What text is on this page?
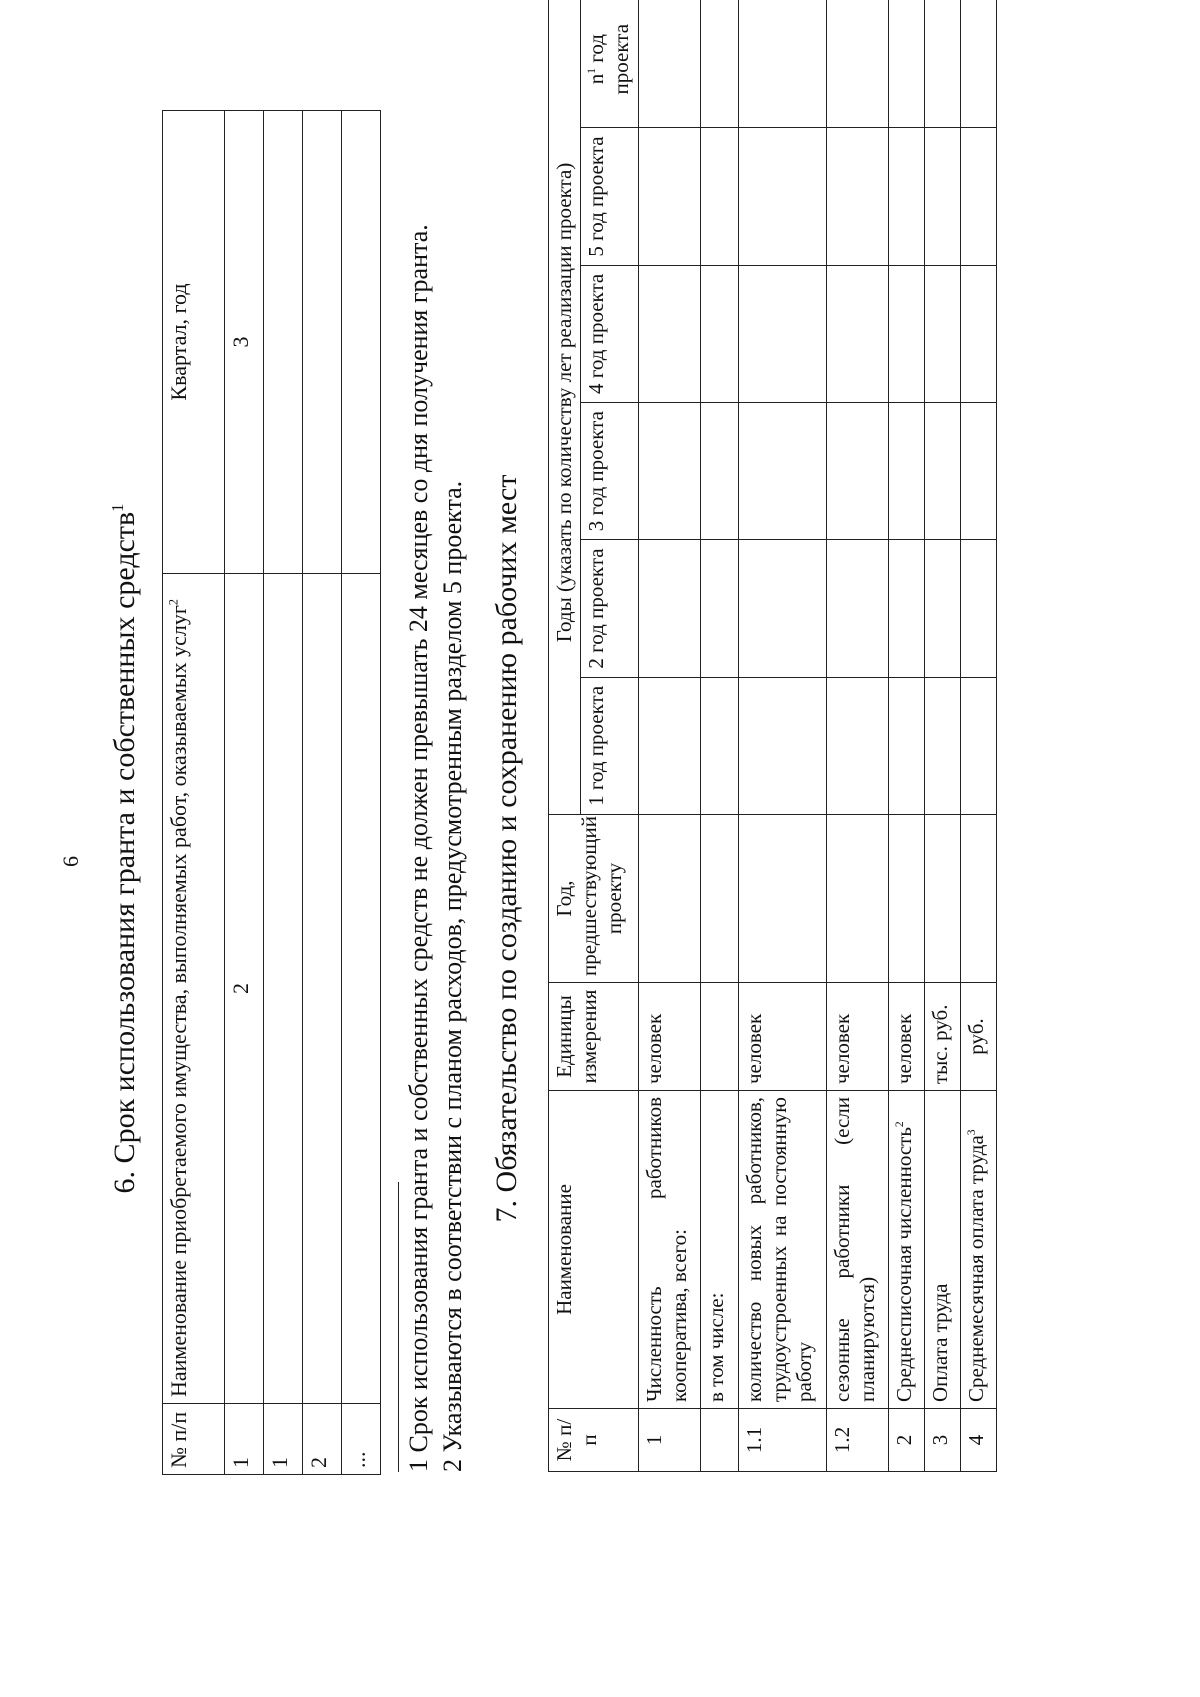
6 6. Срок использования гранта и собственных средств$^1$
№ п/п	Наименование приобретаемого имущества, выполняемых работ, оказываемых услуг$^2$	Квартал, год
1	2	3
1		
2		
...		1 Срок использования гранта и собственных средств не должен превышать 24 месяцев со дня получения гранта. 2 Указываются в соответствии с планом расходов, предусмотренным разделом 5 проекта. 7. Обязательство по созданию и сохранению рабочих мест
№ п/п	Наименование	Единицы измерения	Год, предшествующий проекту	Годы (указать по количеству лет реализации проекта)					
				1 год проекта	2 год проекта	3 год проекта	4 год проекта	5 год проекта	$n^1$ год проекта
1	Численность работников кооператива, всего:	человек							
	в том числе:								
1.1	количество новых работников, трудоустроенных на постоянную работу	человек							
1.2	сезонные работники (если планируются)	человек							
2	Среднесписочная численность$^2$	человек							
3	Оплата труда	тыс. руб.							
4	Среднемесячная оплата труда$^3$	руб.							
